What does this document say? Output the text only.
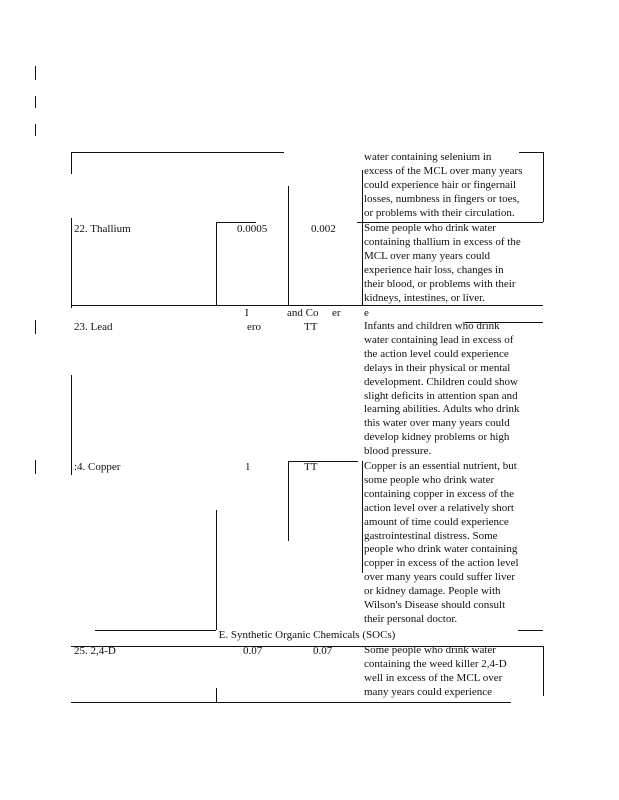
water containing selenium in
excess of the MCL over many years
could experience hair or fingernail
losses, numbness in fingers or toes,
or problems with their circulation.
22. Thallium	0.0005	0.002	Some people who drink water
containing thallium in excess of the
MCL over many years could
experience hair loss, changes in
their blood, or problems with their
kidneys, intestines, or liver.
I	and Co er e
23. Lead	ero	TT	Infants and children who drink
water containing lead in excess of
the action level could experience
delays in their physical or mental
development. Children could show
slight deficits in attention span and
learning abilities. Adults who drink
this water over many years could
develop kidney problems or high
blood pressure.
:4. Copper	1	TT	Copper is an essential nutrient, but
some people who drink water
containing copper in excess of the
action level over a relatively short
amount of time could experience
gastrointestinal distress. Some
people who drink water containing
copper in excess of the action level
over many years could suffer liver
or kidney damage. People with
Wilson's Disease should consult
their personal doctor.
E. Synthetic Organic Chemicals (SOCs)
25. 2,4-D	0.07	0.07	Some people who drink water
containing the weed killer 2,4-D
well in excess of the MCL over
many years could experience
